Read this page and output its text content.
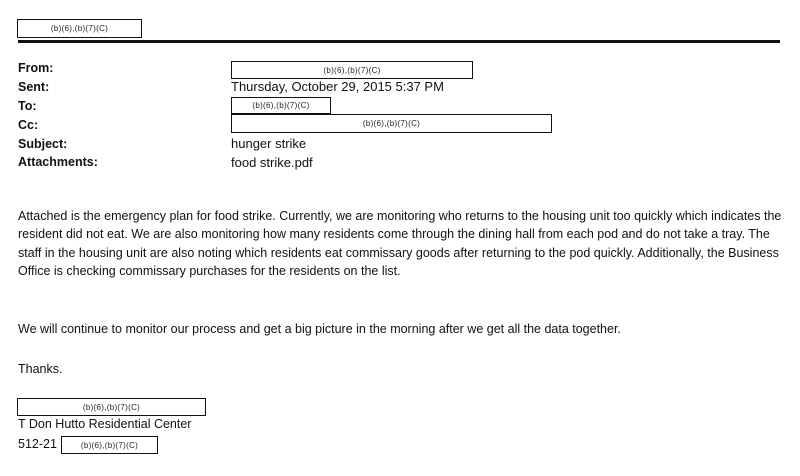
(b)(6),(b)(7)(C)
From:
Sent:
To:
Cc:
Subject:
Attachments:
(b)(6),(b)(7)(C)
Thursday, October 29, 2015 5:37 PM
(b)(6),(b)(7)(C)
(b)(6),(b)(7)(C)
hunger strike
food strike.pdf
Attached is the emergency plan for food strike. Currently, we are monitoring who returns to the housing unit too quickly which indicates the resident did not eat. We are also monitoring how many residents come through the dining hall from each pod and do not take a tray. The staff in the housing unit are also noting which residents eat commissary goods after returning to the pod quickly. Additionally, the Business Office is checking commissary purchases for the residents on the list.
We will continue to monitor our process and get a big picture in the morning after we get all the data together.
Thanks.
(b)(6),(b)(7)(C)
T Don Hutto Residential Center
512-21	(b)(6),(b)(7)(C)
